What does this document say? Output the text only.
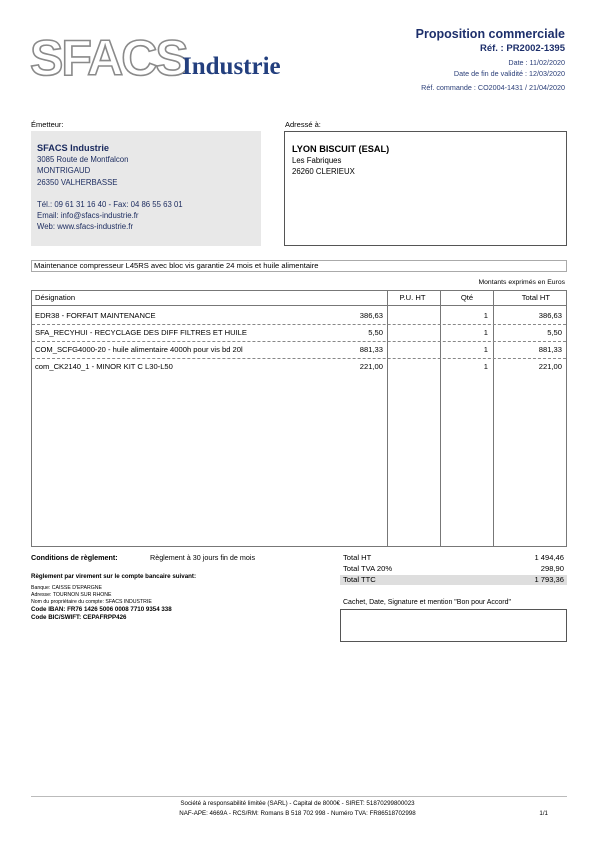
SFACS
Industrie
Proposition commerciale
Réf. : PR2002-1395
Date : 11/02/2020
Date de fin de validité : 12/03/2020
Réf. commande : CO2004-1431 / 21/04/2020
Émetteur:
SFACS Industrie
3085 Route de Montfalcon
MONTRIGAUD
26350 VALHERBASSE
Tél.: 09 61 31 16 40 - Fax: 04 86 55 63 01
Email: info@sfacs-industrie.fr
Web: www.sfacs-industrie.fr
Adressé à:
LYON BISCUIT (ESAL)
Les Fabriques
26260 CLERIEUX
Maintenance compresseur L45RS avec bloc vis garantie 24 mois et huile alimentaire
Montants exprimés en Euros
Désignation	P.U. HT	Qté	Total HT
EDR38 - FORFAIT MAINTENANCE	386,63	1	386,63
SFA_RECYHUI - RECYCLAGE DES DIFF FILTRES ET HUILE	5,50	1	5,50
COM_SCFG4000-20 - huile alimentaire 4000h pour vis bd 20l	881,33	1	881,33
com_CK2140_1 - MINOR KIT C L30-L50	221,00	1	221,00
Conditions de règlement:	Règlement à 30 jours fin de mois
Règlement par virement sur le compte bancaire suivant:
Banque: CAISSE D'EPARGNE
Adresse: TOURNON SUR RHONE
Nom du propriétaire du compte: SFACS INDUSTRIE
Code IBAN: FR76 1426 5006 0008 7710 9354 338
Code BIC/SWIFT: CEPAFRPP426
Total HT	1 494,46
Total TVA 20%	298,90
Total TTC	1 793,36
Cachet, Date, Signature et mention "Bon pour Accord"
Société à responsabilité limitée (SARL) - Capital de 8000€ - SIRET: 51870299800023
NAF-APE: 4669A - RCS/RM: Romans B 518 702 998 - Numéro TVA: FR86518702998	1/1
